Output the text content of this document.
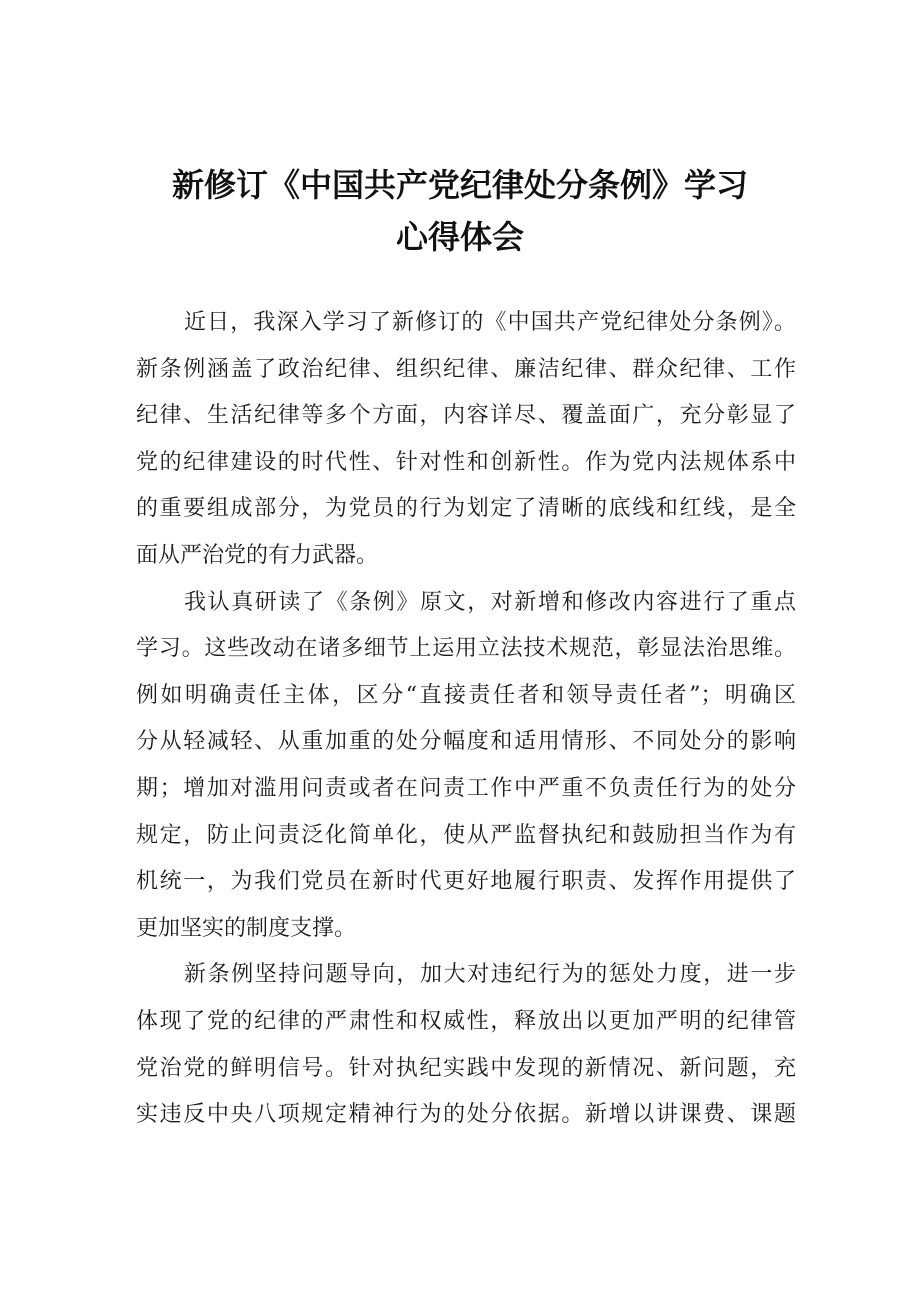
新修订《中国共产党纪律处分条例》学习
心得体会
近日，我深入学习了新修订的《中国共产党纪律处分条例》。
新条例涵盖了政治纪律、组织纪律、廉洁纪律、群众纪律、工作
纪律、生活纪律等多个方面，内容详尽、覆盖面广，充分彰显了
党的纪律建设的时代性、针对性和创新性。作为党内法规体系中
的重要组成部分，为党员的行为划定了清晰的底线和红线，是全
面从严治党的有力武器。
我认真研读了《条例》原文，对新增和修改内容进行了重点
学习。这些改动在诸多细节上运用立法技术规范，彰显法治思维。
例如明确责任主体，区分“直接责任者和领导责任者”；明确区
分从轻减轻、从重加重的处分幅度和适用情形、不同处分的影响
期；增加对滥用问责或者在问责工作中严重不负责任行为的处分
规定，防止问责泛化简单化，使从严监督执纪和鼓励担当作为有
机统一，为我们党员在新时代更好地履行职责、发挥作用提供了
更加坚实的制度支撑。
新条例坚持问题导向，加大对违纪行为的惩处力度，进一步
体现了党的纪律的严肃性和权威性，释放出以更加严明的纪律管
党治党的鲜明信号。针对执纪实践中发现的新情况、新问题，充
实违反中央八项规定精神行为的处分依据。新增以讲课费、课题
